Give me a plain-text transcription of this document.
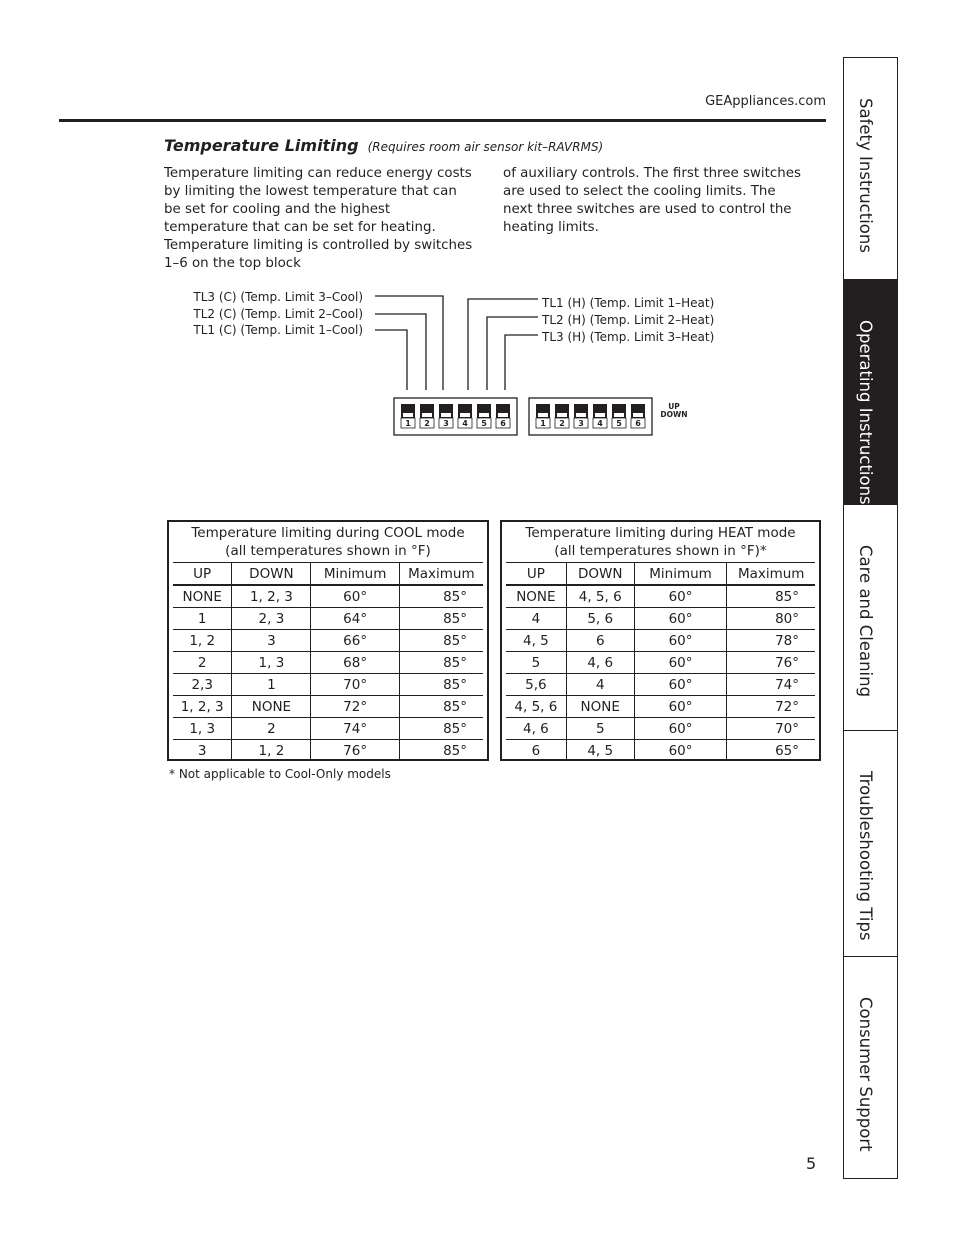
GEAppliances.com
Temperature Limiting (Requires room air sensor kit–RAVRMS)

Temperature limiting can reduce energy costs by limiting the lowest temperature that can be set for cooling and the highest temperature that can be set for heating. Temperature limiting is controlled by switches 1–6 on the top block

of auxiliary controls. The first three switches are used to select the cooling limits. The next three switches are used to control the heating limits.

TL3 (C) (Temp. Limit 3–Cool)
TL2 (C) (Temp. Limit 2–Cool)
TL1 (C) (Temp. Limit 1–Cool)
TL1 (H) (Temp. Limit 1–Heat)
TL2 (H) (Temp. Limit 2–Heat)
TL3 (H) (Temp. Limit 3–Heat)
1 2 3 4 5 6	1 2 3 4 5 6
UP
DOWN
Temperature limiting during COOL mode
(all temperatures shown in °F)
UP	DOWN	Minimum	Maximum
NONE	1, 2, 3	60°	85°
1	2, 3	64°	85°
1, 2	3	66°	85°
2	1, 3	68°	85°
2,3	1	70°	85°
1, 2, 3	NONE	72°	85°
1, 3	2	74°	85°
3	1, 2	76°	85°
Temperature limiting during HEAT mode
(all temperatures shown in °F)*
UP	DOWN	Minimum	Maximum
NONE	4, 5, 6	60°	85°
4	5, 6	60°	80°
4, 5	6	60°	78°
5	4, 6	60°	76°
5,6	4	60°	74°
4, 5, 6	NONE	60°	72°
4, 6	5	60°	70°
6	4, 5	60°	65°
* Not applicable to Cool-Only models
5
Safety Instructions
Operating Instructions
Care and Cleaning
Troubleshooting Tips
Consumer Support
